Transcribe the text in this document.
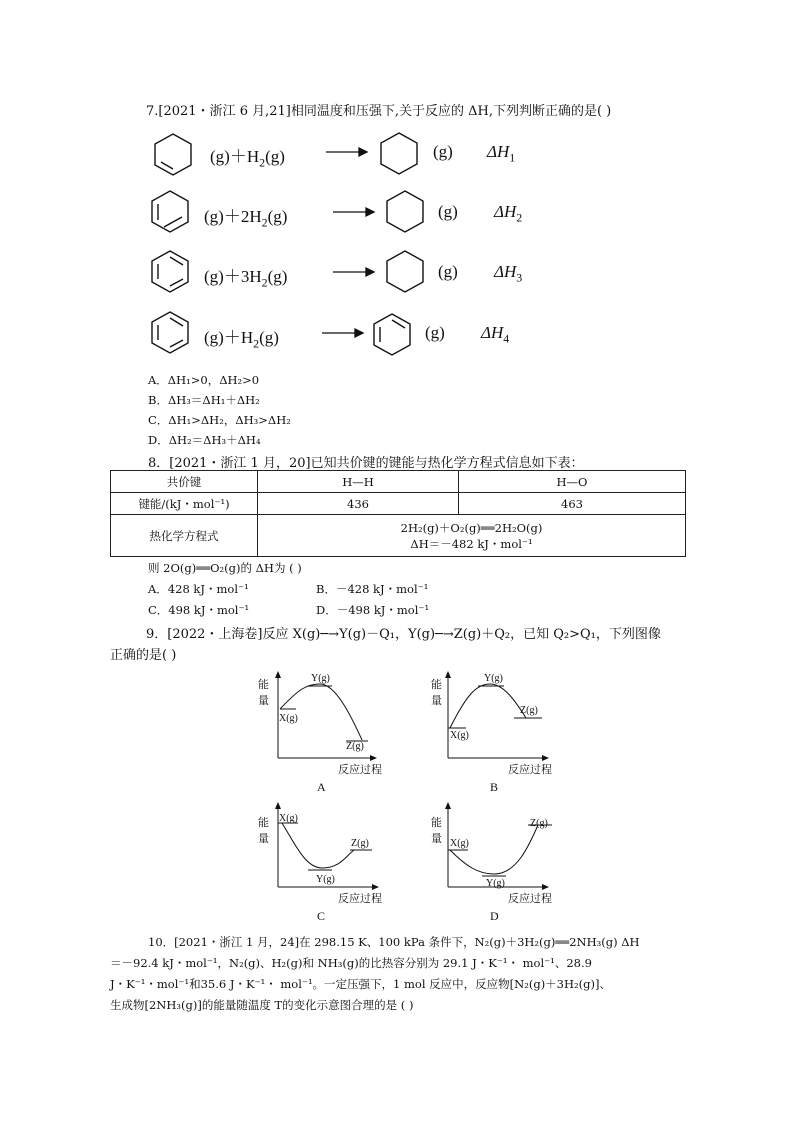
7.[2021・浙江 6 月,21]相同温度和压强下,关于反应的 ΔH,下列判断正确的是( )
$(g)+H_2(g)$	(g) $\Delta H_1$
$(g)+2H_2(g)$	(g) $\Delta H_2$
$(g)+3H_2(g)$	(g) $\Delta H_3$
$(g)+H_2(g)$	(g) $\Delta H_4$
A．ΔH₁>0，ΔH₂>0
B．ΔH₃＝ΔH₁＋ΔH₂
C．ΔH₁>ΔH₂，ΔH₃>ΔH₂
D．ΔH₂＝ΔH₃＋ΔH₄
8．[2021・浙江 1 月，20]已知共价键的键能与热化学方程式信息如下表：
共价键	H—H	H—O
键能/(kJ・mol⁻¹)	436	463
热化学方程式	2H₂(g)＋O₂(g)══2H₂O(g)
ΔH＝－482 kJ・mol⁻¹	
则 2O(g)══O₂(g)的 ΔH为 ( )
A．428 kJ・mol⁻¹	B．－428 kJ・mol⁻¹
C．498 kJ・mol⁻¹	D．－498 kJ・mol⁻¹
9．[2022・上海卷]反应 X(g)─→Y(g)－Q₁，Y(g)─→Z(g)＋Q₂，已知 Q₂>Q₁，下列图像
正确的是( )
能
量
X(g)
Y(g)
Z(g)
反应过程
A
能
量
X(g)
Y(g)
Z(g)
反应过程
B
能
量
X(g)
Y(g)
Z(g)
反应过程
C
能
量 X(g)
Y(g)
Z(g)
反应过程
D
10．[2021・浙江 1 月，24]在 298.15 K、100 kPa 条件下，N₂(g)＋3H₂(g)══2NH₃(g) ΔH
＝－92.4 kJ・mol⁻¹，N₂(g)、H₂(g)和 NH₃(g)的比热容分别为 29.1 J・K⁻¹・ mol⁻¹、28.9
J・K⁻¹・mol⁻¹和35.6 J・K⁻¹・ mol⁻¹。一定压强下，1 mol 反应中，反应物[N₂(g)＋3H₂(g)]、
生成物[2NH₃(g)]的能量随温度 T的变化示意图合理的是 ( )
